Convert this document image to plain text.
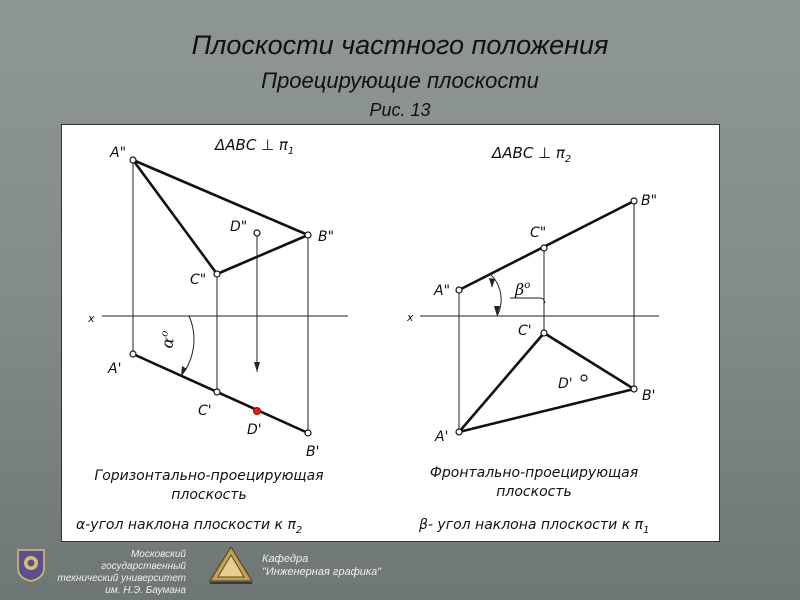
Плоскости частного положения
Проецирующие плоскости
Рис. 13
ΔABC ⊥ $\pi_1$
x
$\alpha^o$
A"
B"
C"
D"
A'
C'
D'
B'
Горизонтально-проецирующая
плоскость
α-угол наклона плоскости к $\pi_2$
ΔABC ⊥ $\pi_2$
x
$\beta^o$
A"
C"
B"
C'
D'
B'
A'
Фронтально-проецирующая
плоскость
β- угол наклона плоскости к $\pi_1$
Московский государственный
технический университет
им. Н.Э. Баумана
Кафедра
"Инженерная графика"
